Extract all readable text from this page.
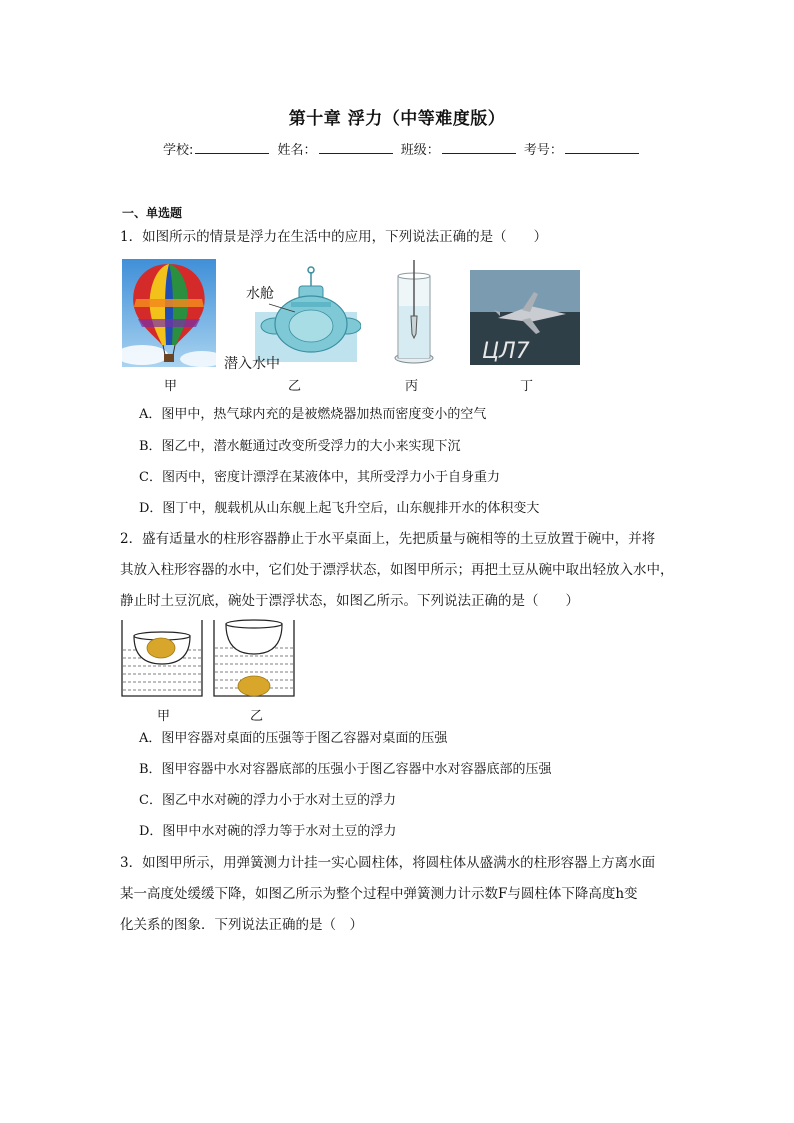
第十章 浮力（中等难度版）
学校:	姓名：	班级：	考号：
一、单选题
1．如图所示的情景是浮力在生活中的应用，下列说法正确的是（　　）
水舱
潜入水中	ЦЛ7
甲	乙	丙	丁
A．图甲中，热气球内充的是被燃烧器加热而密度变小的空气
B．图乙中，潜水艇通过改变所受浮力的大小来实现下沉
C．图丙中，密度计漂浮在某液体中，其所受浮力小于自身重力
D．图丁中，舰载机从山东舰上起飞升空后，山东舰排开水的体积变大
2．盛有适量水的柱形容器静止于水平桌面上，先把质量与碗相等的土豆放置于碗中，并将
其放入柱形容器的水中，它们处于漂浮状态，如图甲所示；再把土豆从碗中取出轻放入水中，
静止时土豆沉底，碗处于漂浮状态，如图乙所示。下列说法正确的是（　　）
甲	乙
A．图甲容器对桌面的压强等于图乙容器对桌面的压强
B．图甲容器中水对容器底部的压强小于图乙容器中水对容器底部的压强
C．图乙中水对碗的浮力小于水对土豆的浮力
D．图甲中水对碗的浮力等于水对土豆的浮力
3．如图甲所示，用弹簧测力计挂一实心圆柱体，将圆柱体从盛满水的柱形容器上方离水面
某一高度处缓缓下降，如图乙所示为整个过程中弹簧测力计示数F与圆柱体下降高度h变
化关系的图象．下列说法正确的是（　）
